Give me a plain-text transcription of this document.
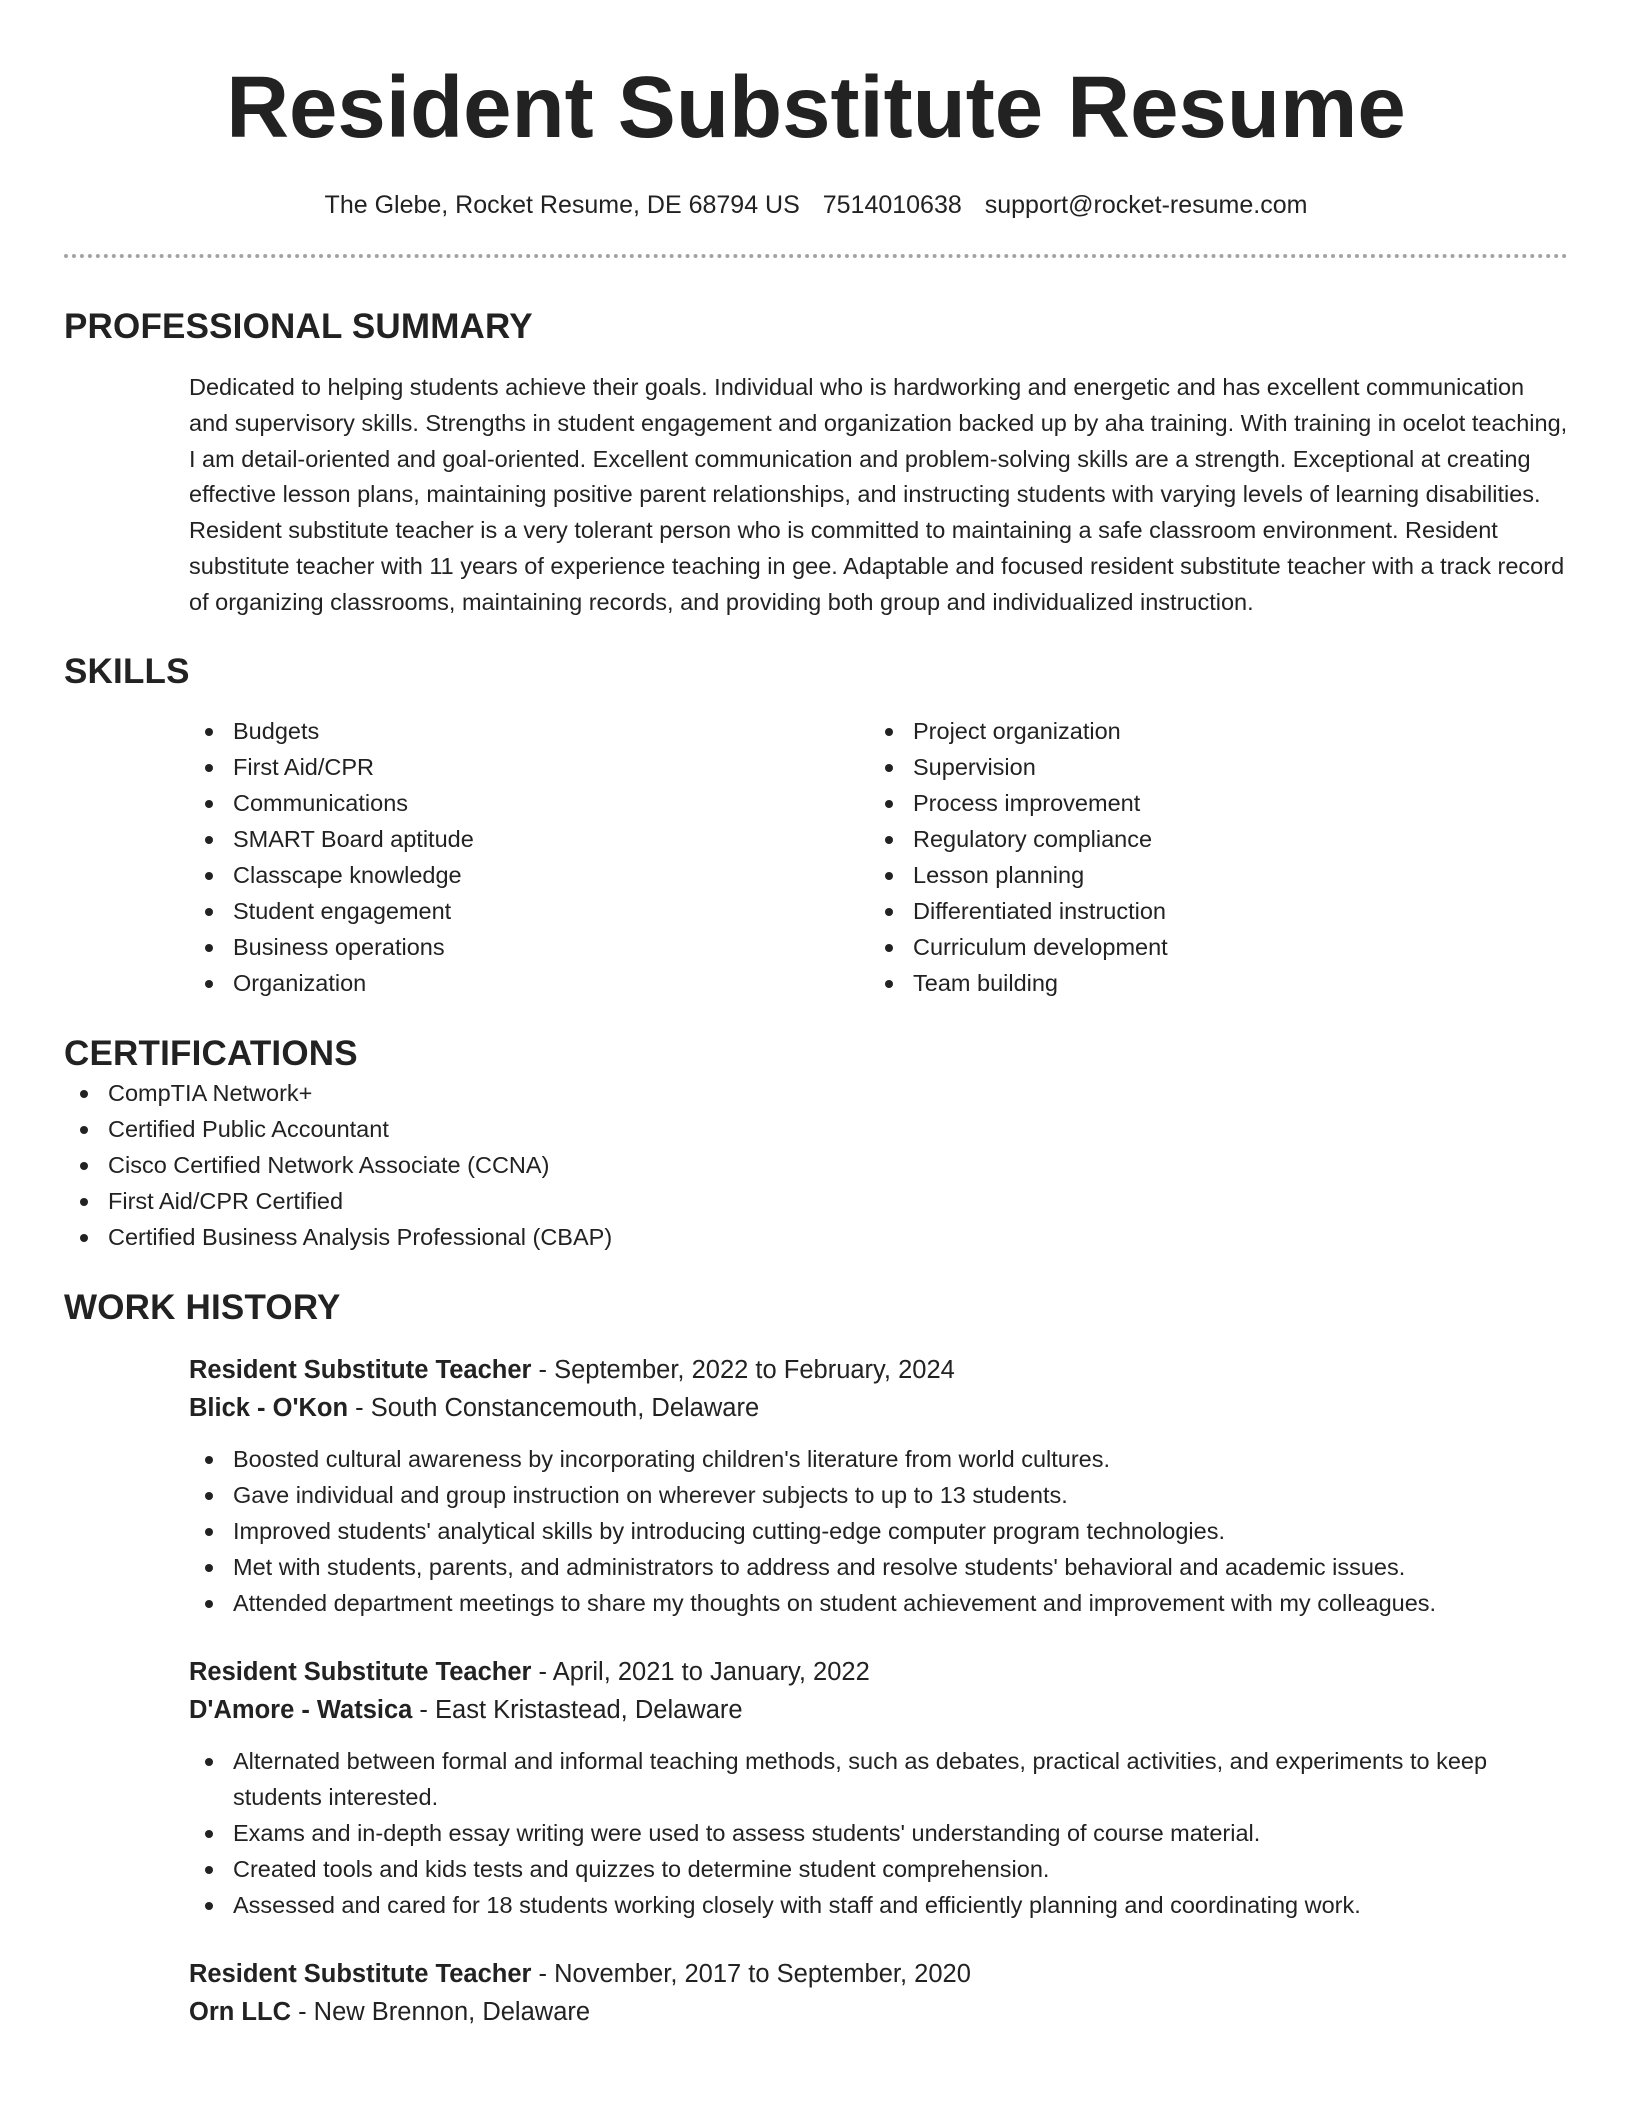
Resident Substitute Resume
The Glebe, Rocket Resume, DE 68794 US 7514010638 support@rocket-resume.com
PROFESSIONAL SUMMARY

Dedicated to helping students achieve their goals. Individual who is hardworking and energetic and has excellent communication and supervisory skills. Strengths in student engagement and organization backed up by aha training. With training in ocelot teaching, I am detail-oriented and goal-oriented. Excellent communication and problem-solving skills are a strength. Exceptional at creating effective lesson plans, maintaining positive parent relationships, and instructing students with varying levels of learning disabilities. Resident substitute teacher is a very tolerant person who is committed to maintaining a safe classroom environment. Resident substitute teacher with 11 years of experience teaching in gee. Adaptable and focused resident substitute teacher with a track record of organizing classrooms, maintaining records, and providing both group and individualized instruction.

SKILLS
Budgets
First Aid/CPR
Communications
SMART Board aptitude
Classcape knowledge
Student engagement
Business operations
Organization
Project organization
Supervision
Process improvement
Regulatory compliance
Lesson planning
Differentiated instruction
Curriculum development
Team building
CERTIFICATIONS
CompTIA Network+
Certified Public Accountant
Cisco Certified Network Associate (CCNA)
First Aid/CPR Certified
Certified Business Analysis Professional (CBAP)
WORK HISTORY
Resident Substitute Teacher - September, 2022 to February, 2024
Blick - O'Kon - South Constancemouth, Delaware
Boosted cultural awareness by incorporating children's literature from world cultures.
Gave individual and group instruction on wherever subjects to up to 13 students.
Improved students' analytical skills by introducing cutting-edge computer program technologies.
Met with students, parents, and administrators to address and resolve students' behavioral and academic issues.
Attended department meetings to share my thoughts on student achievement and improvement with my colleagues.
Resident Substitute Teacher - April, 2021 to January, 2022
D'Amore - Watsica - East Kristastead, Delaware
Alternated between formal and informal teaching methods, such as debates, practical activities, and experiments to keep students interested.
Exams and in-depth essay writing were used to assess students' understanding of course material.
Created tools and kids tests and quizzes to determine student comprehension.
Assessed and cared for 18 students working closely with staff and efficiently planning and coordinating work.
Resident Substitute Teacher - November, 2017 to September, 2020
Orn LLC - New Brennon, Delaware
